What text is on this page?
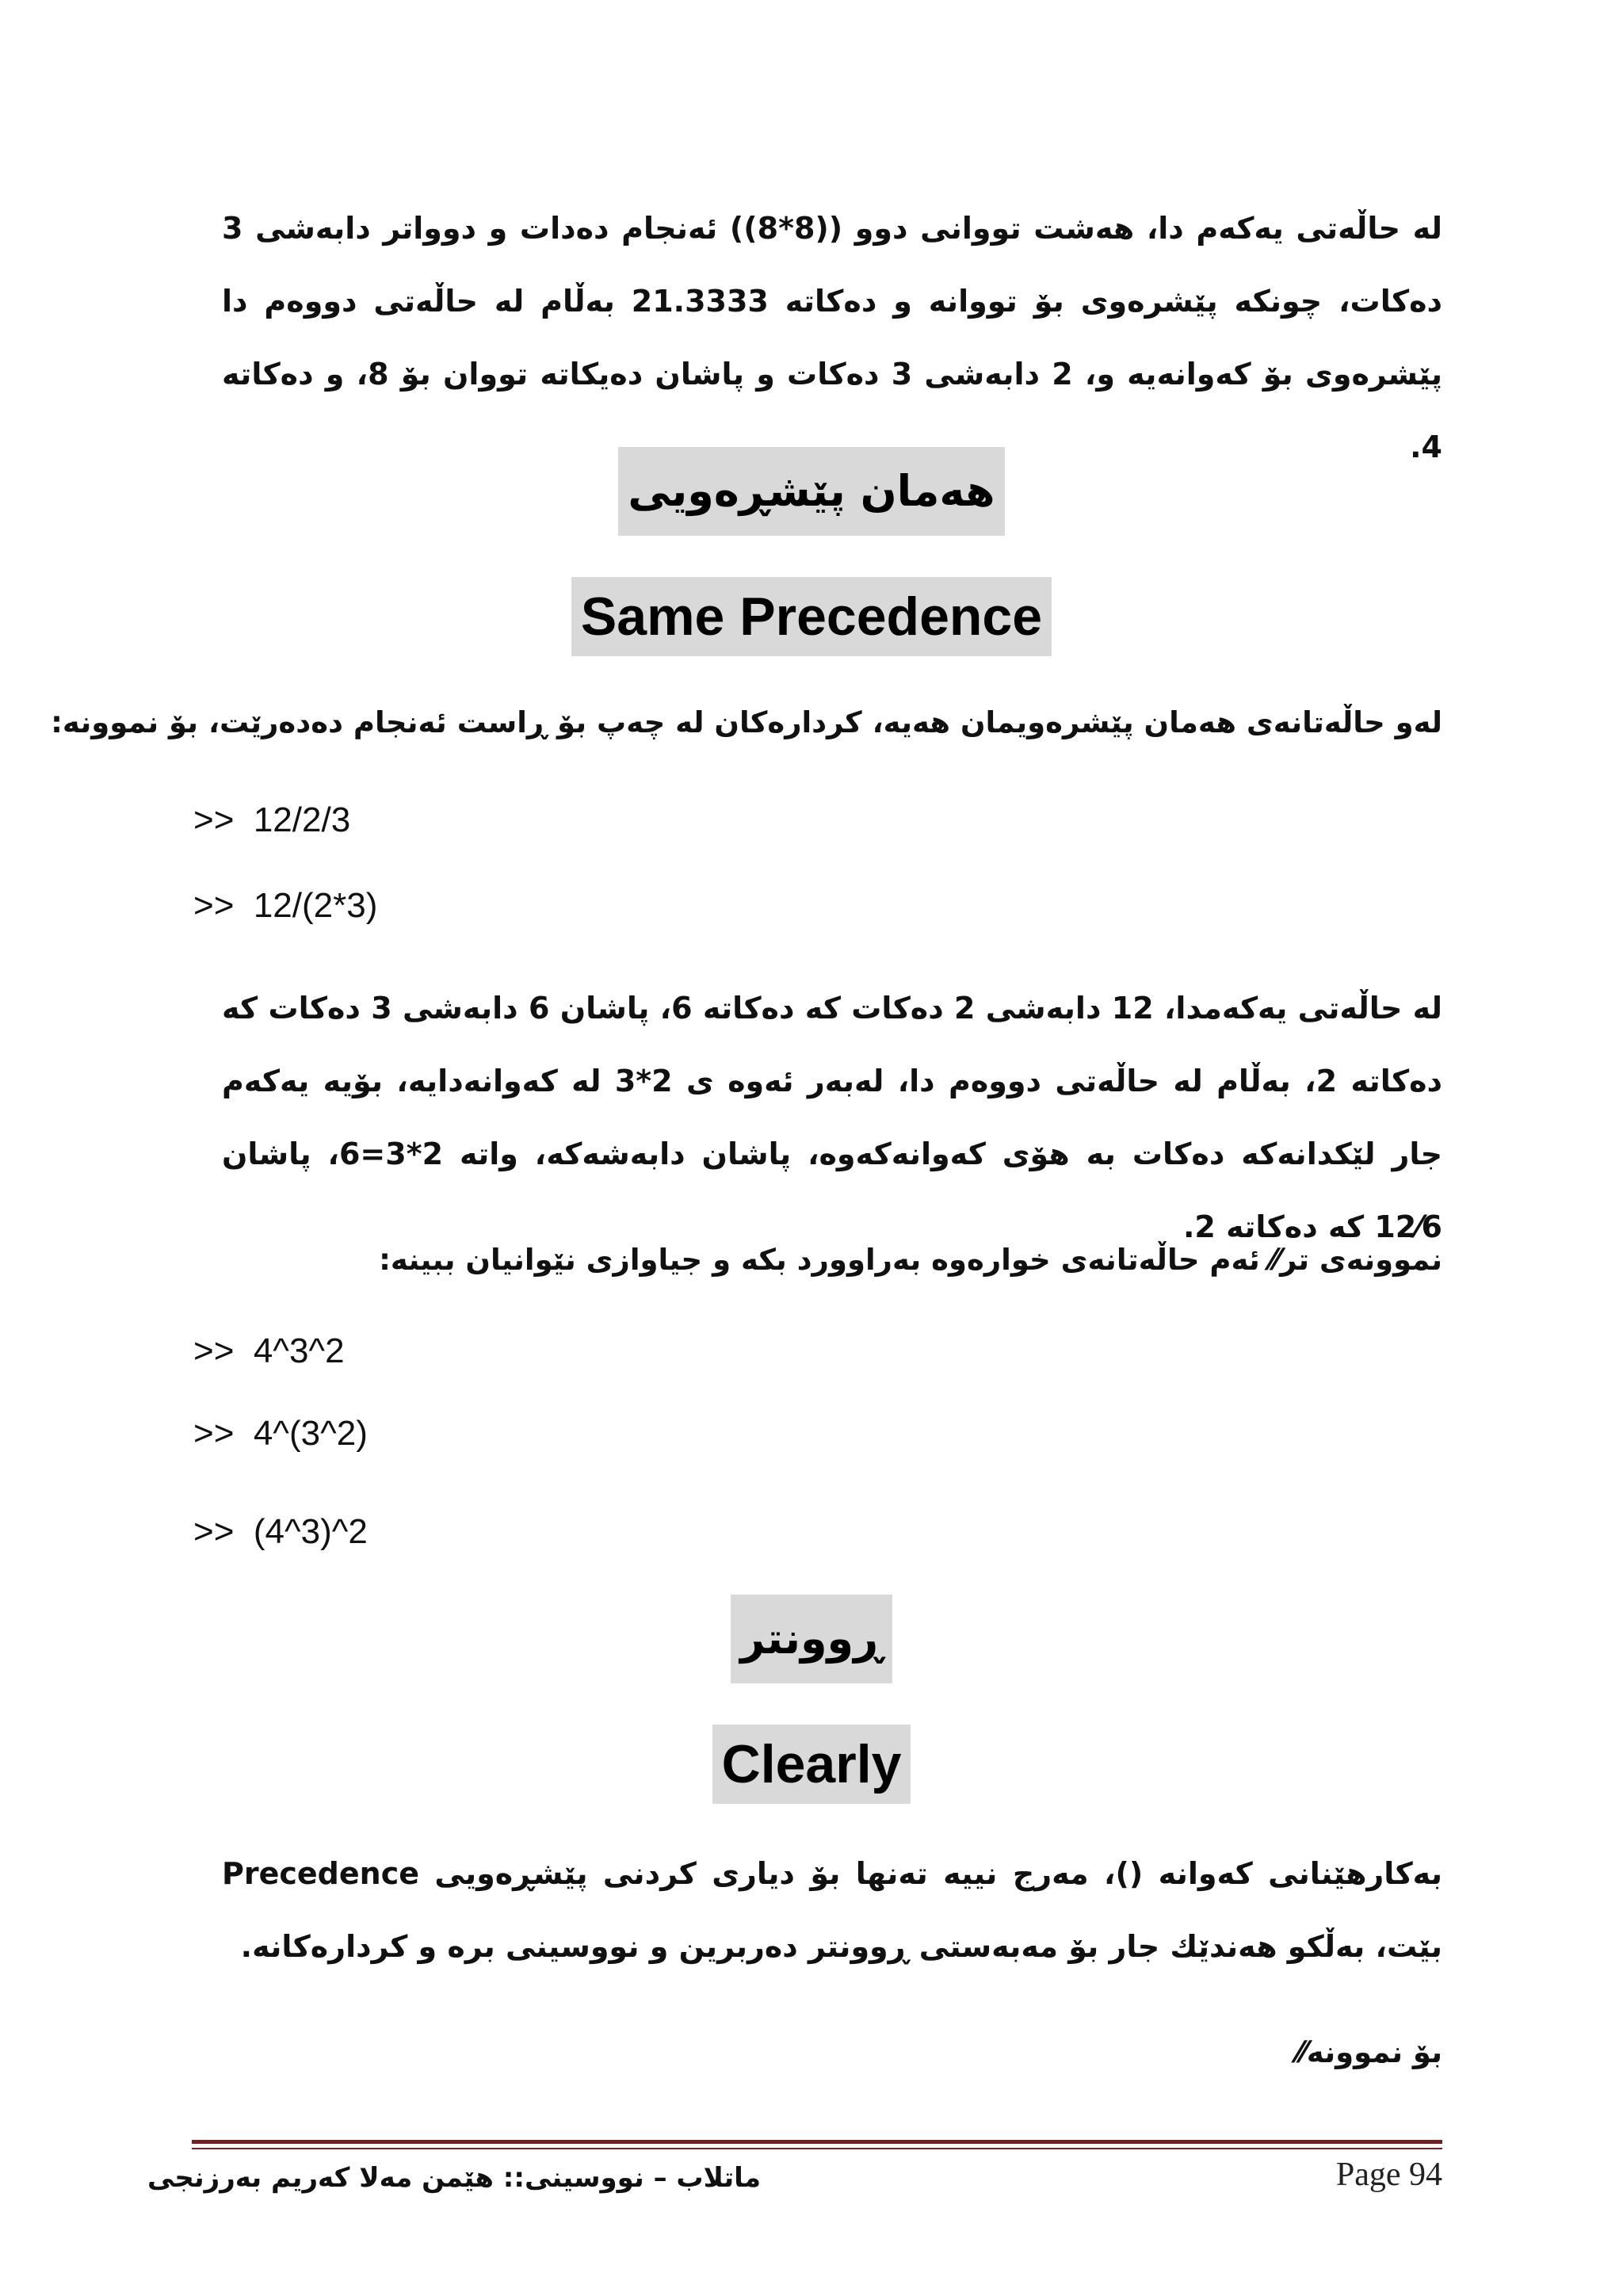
له حاڵەتی یەكەم دا، هەشت تووانی دوو ((8*8)) ئەنجام دەدات و دوواتر دابەشی 3 دەكات، چونكە پێشرەوی بۆ تووانە و دەكاتە 21.3333 بەڵام لە حاڵەتی دووەم دا پێشرەوی بۆ كەوانەیە و، 2 دابەشی 3 دەكات و پاشان دەیكاتە تووان بۆ 8، و دەكاتە 4.

هەمان پێشڕەویی
Same Precedence

لەو حاڵەتانەی هەمان پێشرەویمان هەیە، كردارەكان لە چەپ بۆ ڕاست ئەنجام دەدەرێت، بۆ نموونە:

>>  12/2/3

>>  12/(2*3)

لە حاڵەتی یەكەمدا، 12 دابەشی 2 دەكات كە دەكاتە 6، پاشان 6 دابەشی 3 دەكات كە دەكاتە 2، بەڵام لە حاڵەتی دووەم دا، لەبەر ئەوە ی 2*3 لە كەوانەدایە، بۆیە یەكەم جار لێكدانەكە دەكات بە هۆی كەوانەكەوە، پاشان دابەشەكە، واتە 2*3=6، پاشان 12⁄6 كە دەكاتە 2.

نموونەی تر⁄⁄ ئەم حاڵەتانەی خوارەوە بەراوورد بكە و جیاوازی نێوانیان ببینە:

>>  4^3^2

>>  4^(3^2)

>>  (4^3)^2

ڕوونتر
Clearly

بەكارهێنانی كەوانە ()، مەرج نییە تەنها بۆ دیاری كردنی پێشڕەویی Precedence بێت، بەڵكو هەندێك جار بۆ مەبەستی ڕوونتر دەربرین و نووسینی برە و كردارەكانە.

بۆ نموونە⁄⁄

Page 94

ماتلاب – نووسینی:: هێمن مەلا كەریم بەرزنجی
